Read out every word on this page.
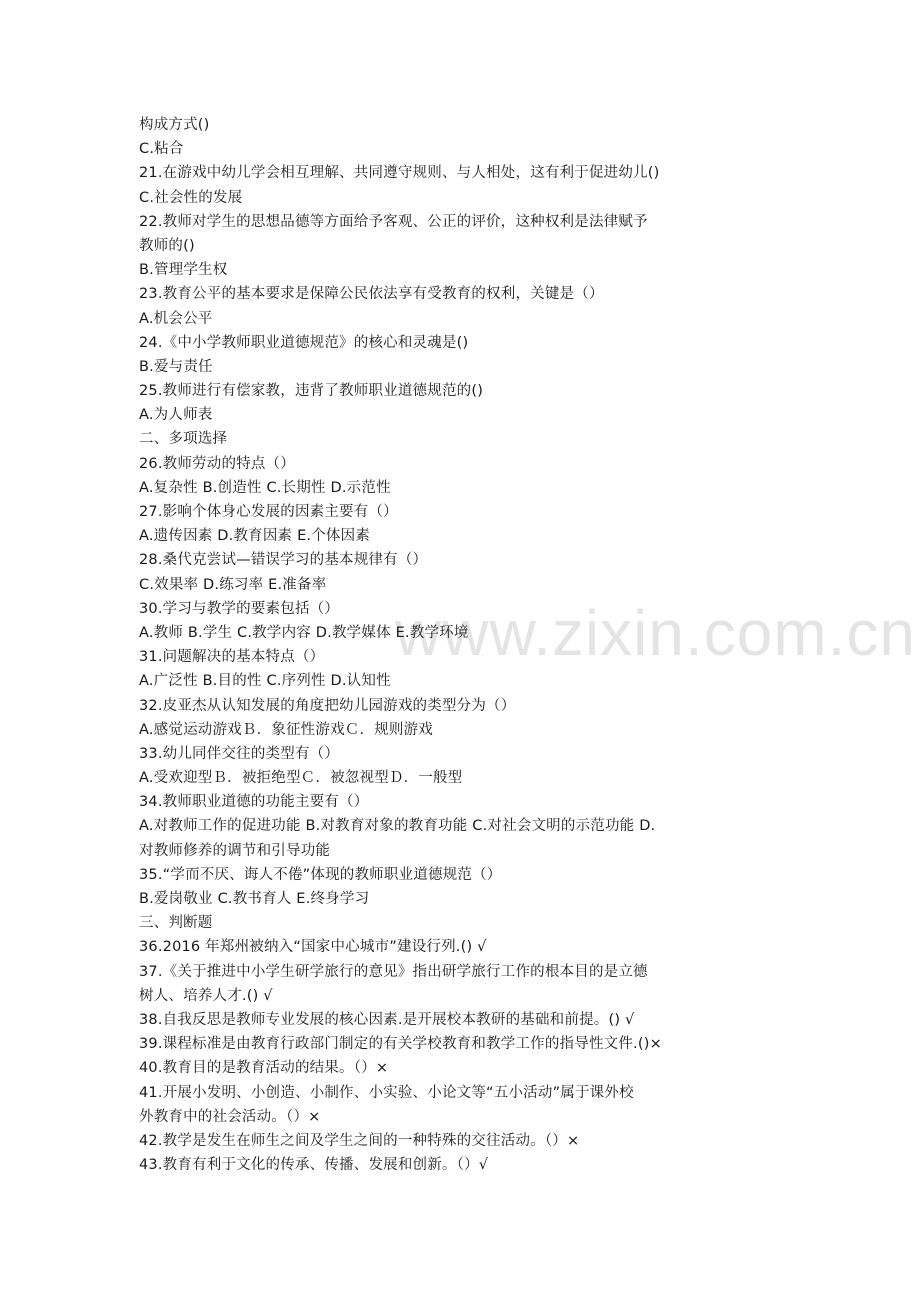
www.zixin.com.cn
构成方式()
C.粘合
21.在游戏中幼儿学会相互理解、共同遵守规则、与人相处，这有利于促进幼儿()
C.社会性的发展
22.教师对学生的思想品德等方面给予客观、公正的评价，这种权利是法律赋予
教师的()
B.管理学生权
23.教育公平的基本要求是保障公民依法享有受教育的权利，关键是（）
A.机会公平
24.《中小学教师职业道德规范》的核心和灵魂是()
B.爱与责任
25.教师进行有偿家教，违背了教师职业道德规范的()
A.为人师表
二、多项选择
26.教师劳动的特点（）
A.复杂性 B.创造性 C.长期性 D.示范性
27.影响个体身心发展的因素主要有（）
A.遗传因素 D.教育因素 E.个体因素
28.桑代克尝试—错误学习的基本规律有（）
C.效果率 D.练习率 E.准备率
30.学习与教学的要素包括（）
A.教师 B.学生 C.教学内容 D.教学媒体 E.教学环境
31.问题解决的基本特点（）
A.广泛性 B.目的性 C.序列性 D.认知性
32.皮亚杰从认知发展的角度把幼儿园游戏的类型分为（）
A.感觉运动游戏Ｂ．象征性游戏Ｃ．规则游戏
33.幼儿同伴交往的类型有（）
A.受欢迎型Ｂ．被拒绝型Ｃ．被忽视型Ｄ．一般型
34.教师职业道德的功能主要有（）
A.对教师工作的促进功能 B.对教育对象的教育功能 C.对社会文明的示范功能 D.
对教师修养的调节和引导功能
35.“学而不厌、诲人不倦”体现的教师职业道德规范（）
B.爱岗敬业 C.教书育人 E.终身学习
三、判断题
36.2016 年郑州被纳入“国家中心城市”建设行列.() √
37.《关于推进中小学生研学旅行的意见》指出研学旅行工作的根本目的是立德
树人、培养人才.() √
38.自我反思是教师专业发展的核心因素.是开展校本教研的基础和前提。() √
39.课程标准是由教育行政部门制定的有关学校教育和教学工作的指导性文件.()×
40.教育目的是教育活动的结果。（）×
41.开展小发明、小创造、小制作、小实验、小论文等“五小活动”属于课外校
外教育中的社会活动。（）×
42.教学是发生在师生之间及学生之间的一种特殊的交往活动。（）×
43.教育有利于文化的传承、传播、发展和创新。（）√
